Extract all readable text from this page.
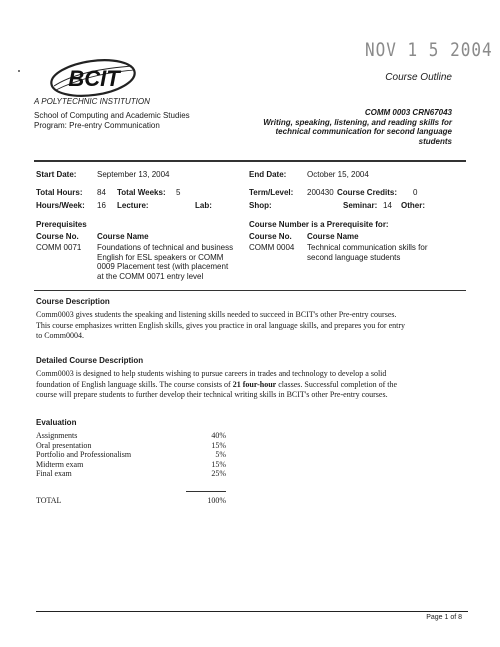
NOV 1 5 2004
BCIT	Course Outline
A POLYTECHNIC INSTITUTION
School of Computing and Academic Studies
Program: Pre-entry Communication
COMM 0003 CRN67043
Writing, speaking, listening, and reading skills for
technical communication for second language
students
Start Date:	September 13, 2004	End Date:	October 15, 2004
Total Hours: 84 Total Weeks: 5	Term/Level: 200430 Course Credits: 0
Hours/Week: 16 Lecture:	Lab:	Shop:	Seminar: 14 Other:
Prerequisites
Course No. Course Name
COMM 0071 Foundations of technical and business
English for ESL speakers or COMM
0009 Placement test (with placement
at the COMM 0071 entry level
Course Number is a Prerequisite for:
Course No. Course Name
COMM 0004 Technical communication skills for
second language students
Course Description
Comm0003 gives students the speaking and listening skills needed to succeed in BCIT's other Pre-entry courses.
This course emphasizes written English skills, gives you practice in oral language skills, and prepares you for entry
to Comm0004.
Detailed Course Description
Comm0003 is designed to help students wishing to pursue careers in trades and technology to develop a solid
foundation of English language skills. The course consists of 21 four-hour classes. Successful completion of the
course will prepare students to further develop their technical writing skills in BCIT's other Pre-entry courses.
Evaluation
Assignments	40%
Oral presentation	15%
Portfolio and Professionalism	5%
Midterm exam	15%
Final exam	25%
TOTAL	100%
Page 1 of 8
